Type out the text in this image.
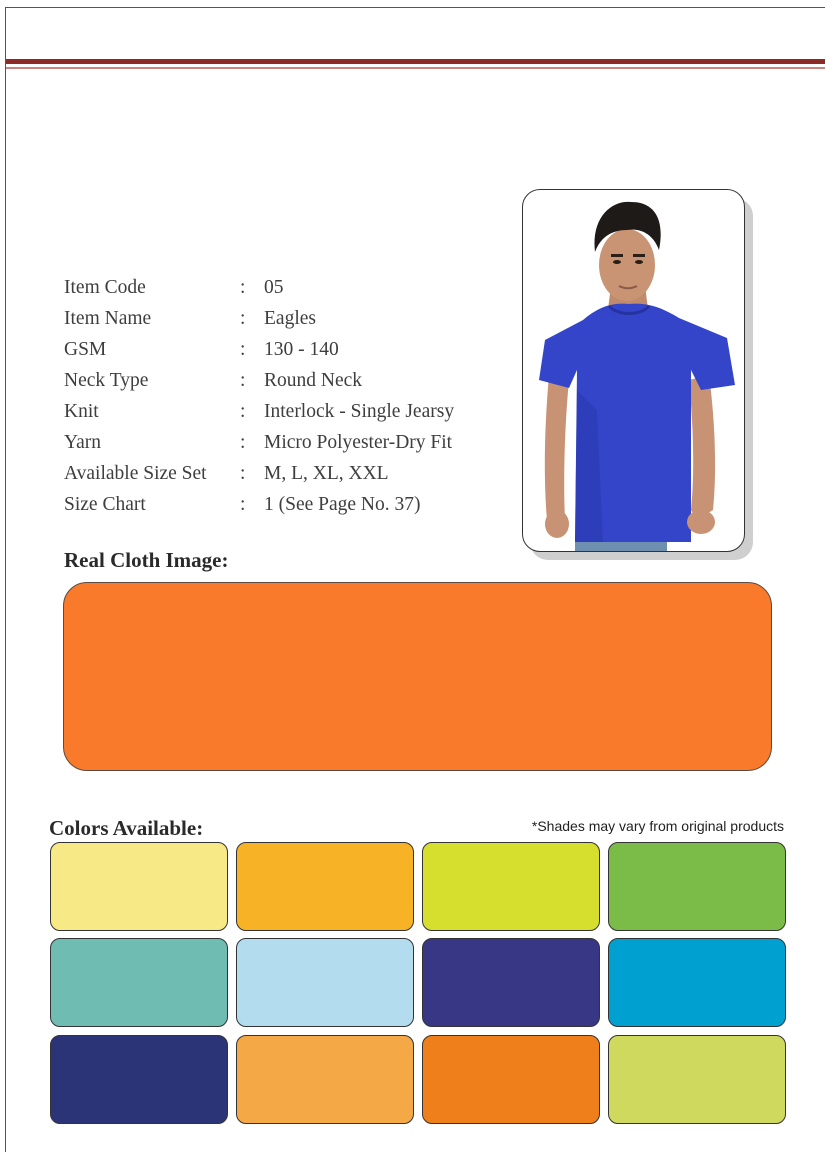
Item Code	: 05
Item Name	: Eagles
GSM	: 130 - 140
Neck Type	: Round Neck
Knit	: Interlock - Single Jearsy
Yarn	: Micro Polyester-Dry Fit
Available Size Set	: M, L, XL, XXL
Size Chart	: 1 (See Page No. 37)
Real Cloth Image:
Colors Available:	*Shades may vary from original products
